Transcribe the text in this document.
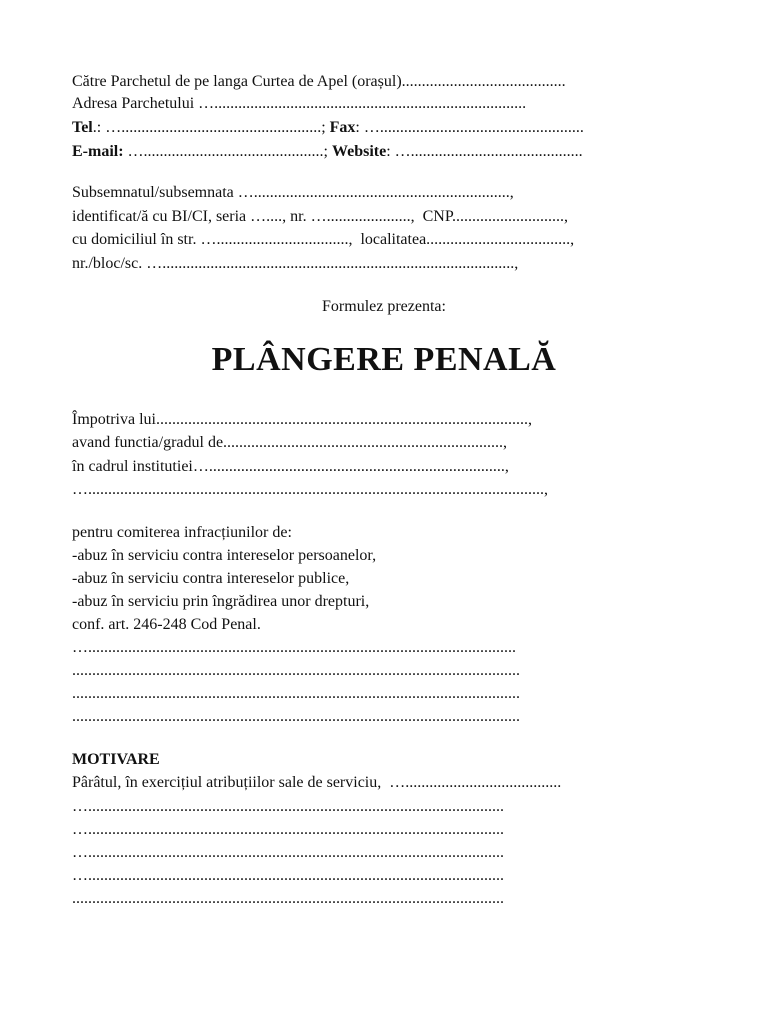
Către Parchetul de pe langa Curtea de Apel (orașul).........................................
Adresa Parchetului …..............................................................................
Tel.: …..................................................; Fax: …...................................................
E-mail: ….............................................; Website: …...........................................
Subsemnatul/subsemnata …................................................................,
identificat/ă cu BI/CI, seria …...., nr. ….....................,  CNP............................,
cu domiciliul în str. ….................................,  localitatea....................................,
nr./bloc/sc. …........................................................................................,
Formulez prezenta:
PLÂNGERE PENALĂ
Împotriva lui.............................................................................................,
avand functia/gradul de......................................................................,
în cadrul institutiei…..........................................................................,
…..................................................................................................................,
pentru comiterea infracțiunilor de:
-abuz în serviciu contra intereselor persoanelor,
-abuz în serviciu contra intereselor publice,
-abuz în serviciu prin îngrădirea unor drepturi,
conf. art. 246-248 Cod Penal.
…...........................................................................................................
................................................................................................................
................................................................................................................
................................................................................................................
MOTIVARE
Pârâtul, în exercițiul atribuțiilor sale de serviciu,  ….......................................
…........................................................................................................
…........................................................................................................
…........................................................................................................
…........................................................................................................
............................................................................................................
